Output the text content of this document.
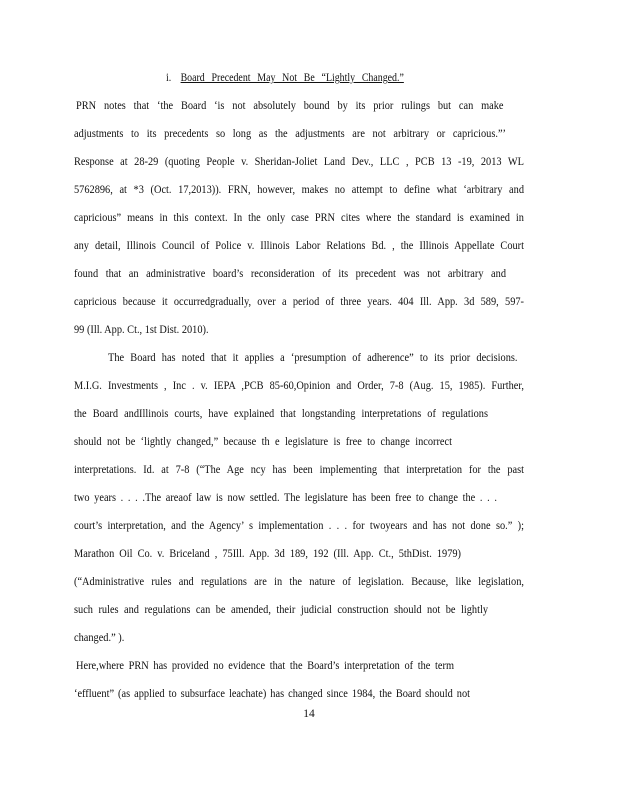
i. Board Precedent May Not Be “Lightly Changed.”
PRN notes that ‘the Board ‘is not absolutely bound by its prior rulings but can make
adjustments to its precedents so long as the adjustments are not arbitrary or capricious.”’
Response at 28-29 (quoting People v. Sheridan-Joliet Land Dev., LLC , PCB 13 -19, 2013 WL
5762896, at *3 (Oct. 17,2013)). FRN, however, makes no attempt to define what ‘arbitrary and
capricious” means in this context. In the only case PRN cites where the standard is examined in
any detail, Illinois Council of Police v. Illinois Labor Relations Bd. , the Illinois Appellate Court
found that an administrative board’s reconsideration of its precedent was not arbitrary and
capricious because it occurredgradually, over a period of three years. 404 Ill. App. 3d 589, 597-
99 (Ill. App. Ct., 1st Dist. 2010).
The Board has noted that it applies a ‘presumption of adherence” to its prior decisions.
M.I.G. Investments , Inc . v. IEPA ,PCB 85-60,Opinion and Order, 7-8 (Aug. 15, 1985). Further,
the Board andIllinois courts, have explained that longstanding interpretations of regulations
should not be ‘lightly changed,” because th e legislature is free to change incorrect
interpretations. Id. at 7-8 (“The Age ncy has been implementing that interpretation for the past
two years . . . .The areaof law is now settled. The legislature has been free to change the . . .
court’s interpretation, and the Agency’ s implementation . . . for twoyears and has not done so.” );
Marathon Oil Co. v. Briceland , 75Ill. App. 3d 189, 192 (Ill. App. Ct., 5thDist. 1979)
(“Administrative rules and regulations are in the nature of legislation. Because, like legislation,
such rules and regulations can be amended, their judicial construction should not be lightly
changed.” ).
Here,where PRN has provided no evidence that the Board’s interpretation of the term
‘effluent” (as applied to subsurface leachate) has changed since 1984, the Board should not
14
